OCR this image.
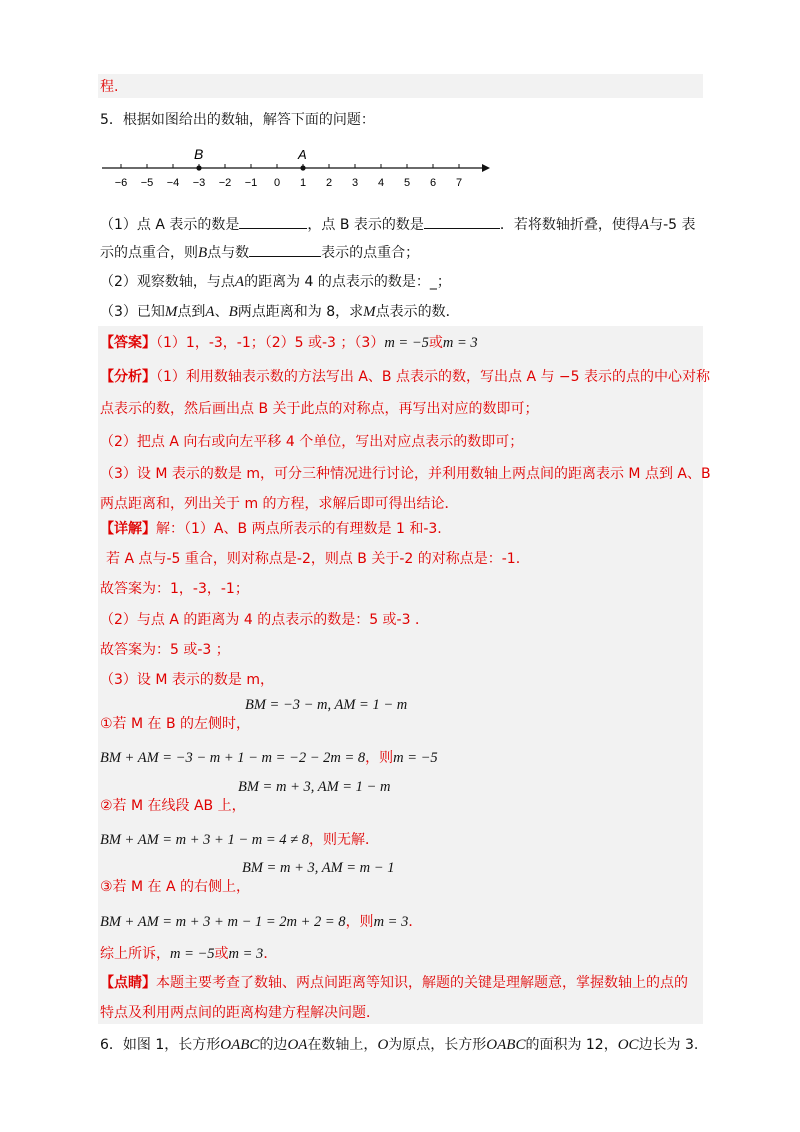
程.
5．根据如图给出的数轴，解答下面的问题：
−6 −5 −4 −3 −2 −1 0 1 2 3 4 5 6 7
B	A
（1）点 A 表示的数是	，点 B 表示的数是	．若将数轴折叠，使得A与-5 表
示的点重合，则B点与数	表示的点重合；
（2）观察数轴，与点A的距离为 4 的点表示的数是：_；
（3）已知M点到A、B两点距离和为 8，求M点表示的数．
【答案】（1）1，-3，-1；（2）5 或-3 ；（3）m = −5或m = 3
【分析】（1）利用数轴表示数的方法写出 A、B 点表示的数，写出点 A 与 −5 表示的点的中心对称
点表示的数，然后画出点 B 关于此点的对称点，再写出对应的数即可；
（2）把点 A 向右或向左平移 4 个单位，写出对应点表示的数即可；
（3）设 M 表示的数是 m，可分三种情况进行讨论，并利用数轴上两点间的距离表示 M 点到 A、B
两点距离和，列出关于 m 的方程，求解后即可得出结论．
【详解】解：（1）A、B 两点所表示的有理数是 1 和-3.
若 A 点与-5 重合，则对称点是-2，则点 B 关于-2 的对称点是：-1.
故答案为：1，-3，-1；
（2）与点 A 的距离为 4 的点表示的数是：5 或-3 ．
故答案为：5 或-3 ；
（3）设 M 表示的数是 m，
BM = −3 − m, AM = 1 − m
①若 M 在 B 的左侧时，
BM + AM = −3 − m + 1 − m = −2 − 2m = 8，则m = −5
BM = m + 3, AM = 1 − m
②若 M 在线段 AB 上，
BM + AM = m + 3 + 1 − m = 4 ≠ 8，则无解．
BM = m + 3, AM = m − 1
③若 M 在 A 的右侧上，
BM + AM = m + 3 + m − 1 = 2m + 2 = 8，则m = 3．
综上所诉，m = −5或m = 3．
【点睛】本题主要考查了数轴、两点间距离等知识，解题的关键是理解题意，掌握数轴上的点的
特点及利用两点间的距离构建方程解决问题．
6．如图 1，长方形OABC的边OA在数轴上，O为原点，长方形OABC的面积为 12，OC边长为 3.
